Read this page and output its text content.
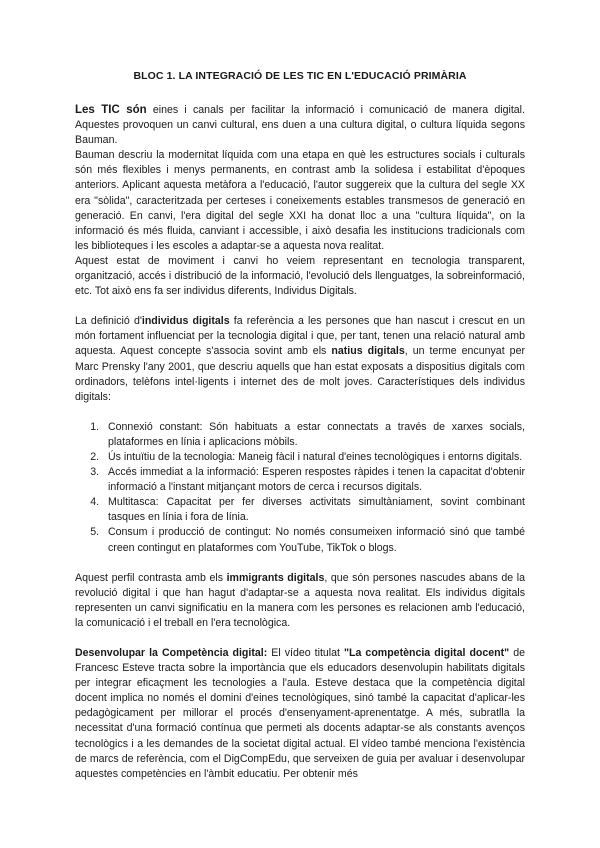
BLOC 1. LA INTEGRACIÓ DE LES TIC EN L'EDUCACIÓ PRIMÀRIA

Les TIC són eines i canals per facilitar la informació i comunicació de manera digital. Aquestes provoquen un canvi cultural, ens duen a una cultura digital, o cultura líquida segons Bauman.

Bauman descriu la modernitat líquida com una etapa en què les estructures socials i culturals són més flexibles i menys permanents, en contrast amb la solidesa i estabilitat d'èpoques anteriors. Aplicant aquesta metàfora a l'educació, l'autor suggereix que la cultura del segle XX era "sòlida", caracteritzada per certeses i coneixements estables transmesos de generació en generació. En canvi, l'era digital del segle XXI ha donat lloc a una "cultura líquida", on la informació és més fluida, canviant i accessible, i això desafia les institucions tradicionals com les biblioteques i les escoles a adaptar-se a aquesta nova realitat.

Aquest estat de moviment i canvi ho veiem representant en tecnologia transparent, organització, accés i distribució de la informació, l'evolució dels llenguatges, la sobreinformació, etc. Tot això ens fa ser individus diferents, Individus Digitals.

La definició d'individus digitals fa referència a les persones que han nascut i crescut en un món fortament influenciat per la tecnologia digital i que, per tant, tenen una relació natural amb aquesta. Aquest concepte s'associa sovint amb els natius digitals, un terme encunyat per Marc Prensky l'any 2001, que descriu aquells que han estat exposats a dispositius digitals com ordinadors, telèfons intel·ligents i internet des de molt joves. Característiques dels individus digitals:

1. Connexió constant: Són habituats a estar connectats a través de xarxes socials, plataformes en línia i aplicacions mòbils.
2. Ús intuïtiu de la tecnologia: Maneig fàcil i natural d'eines tecnològiques i entorns digitals.
3. Accés immediat a la informació: Esperen respostes ràpides i tenen la capacitat d'obtenir informació a l'instant mitjançant motors de cerca i recursos digitals.
4. Multitasca: Capacitat per fer diverses activitats simultàniament, sovint combinant tasques en línia i fora de línia.
5. Consum i producció de contingut: No només consumeixen informació sinó que també creen contingut en plataformes com YouTube, TikTok o blogs.

Aquest perfil contrasta amb els immigrants digitals, que són persones nascudes abans de la revolució digital i que han hagut d'adaptar-se a aquesta nova realitat. Els individus digitals representen un canvi significatiu en la manera com les persones es relacionen amb l'educació, la comunicació i el treball en l'era tecnològica.

Desenvolupar la Competència digital: El vídeo titulat "La competència digital docent" de Francesc Esteve tracta sobre la importància que els educadors desenvolupin habilitats digitals per integrar eficaçment les tecnologies a l'aula. Esteve destaca que la competència digital docent implica no només el domini d'eines tecnològiques, sinó també la capacitat d'aplicar-les pedagògicament per millorar el procés d'ensenyament-aprenentatge. A més, subratlla la necessitat d'una formació contínua que permeti als docents adaptar-se als constants avenços tecnològics i a les demandes de la societat digital actual. El vídeo també menciona l'existència de marcs de referència, com el DigCompEdu, que serveixen de guia per avaluar i desenvolupar aquestes competències en l'àmbit educatiu. Per obtenir més
